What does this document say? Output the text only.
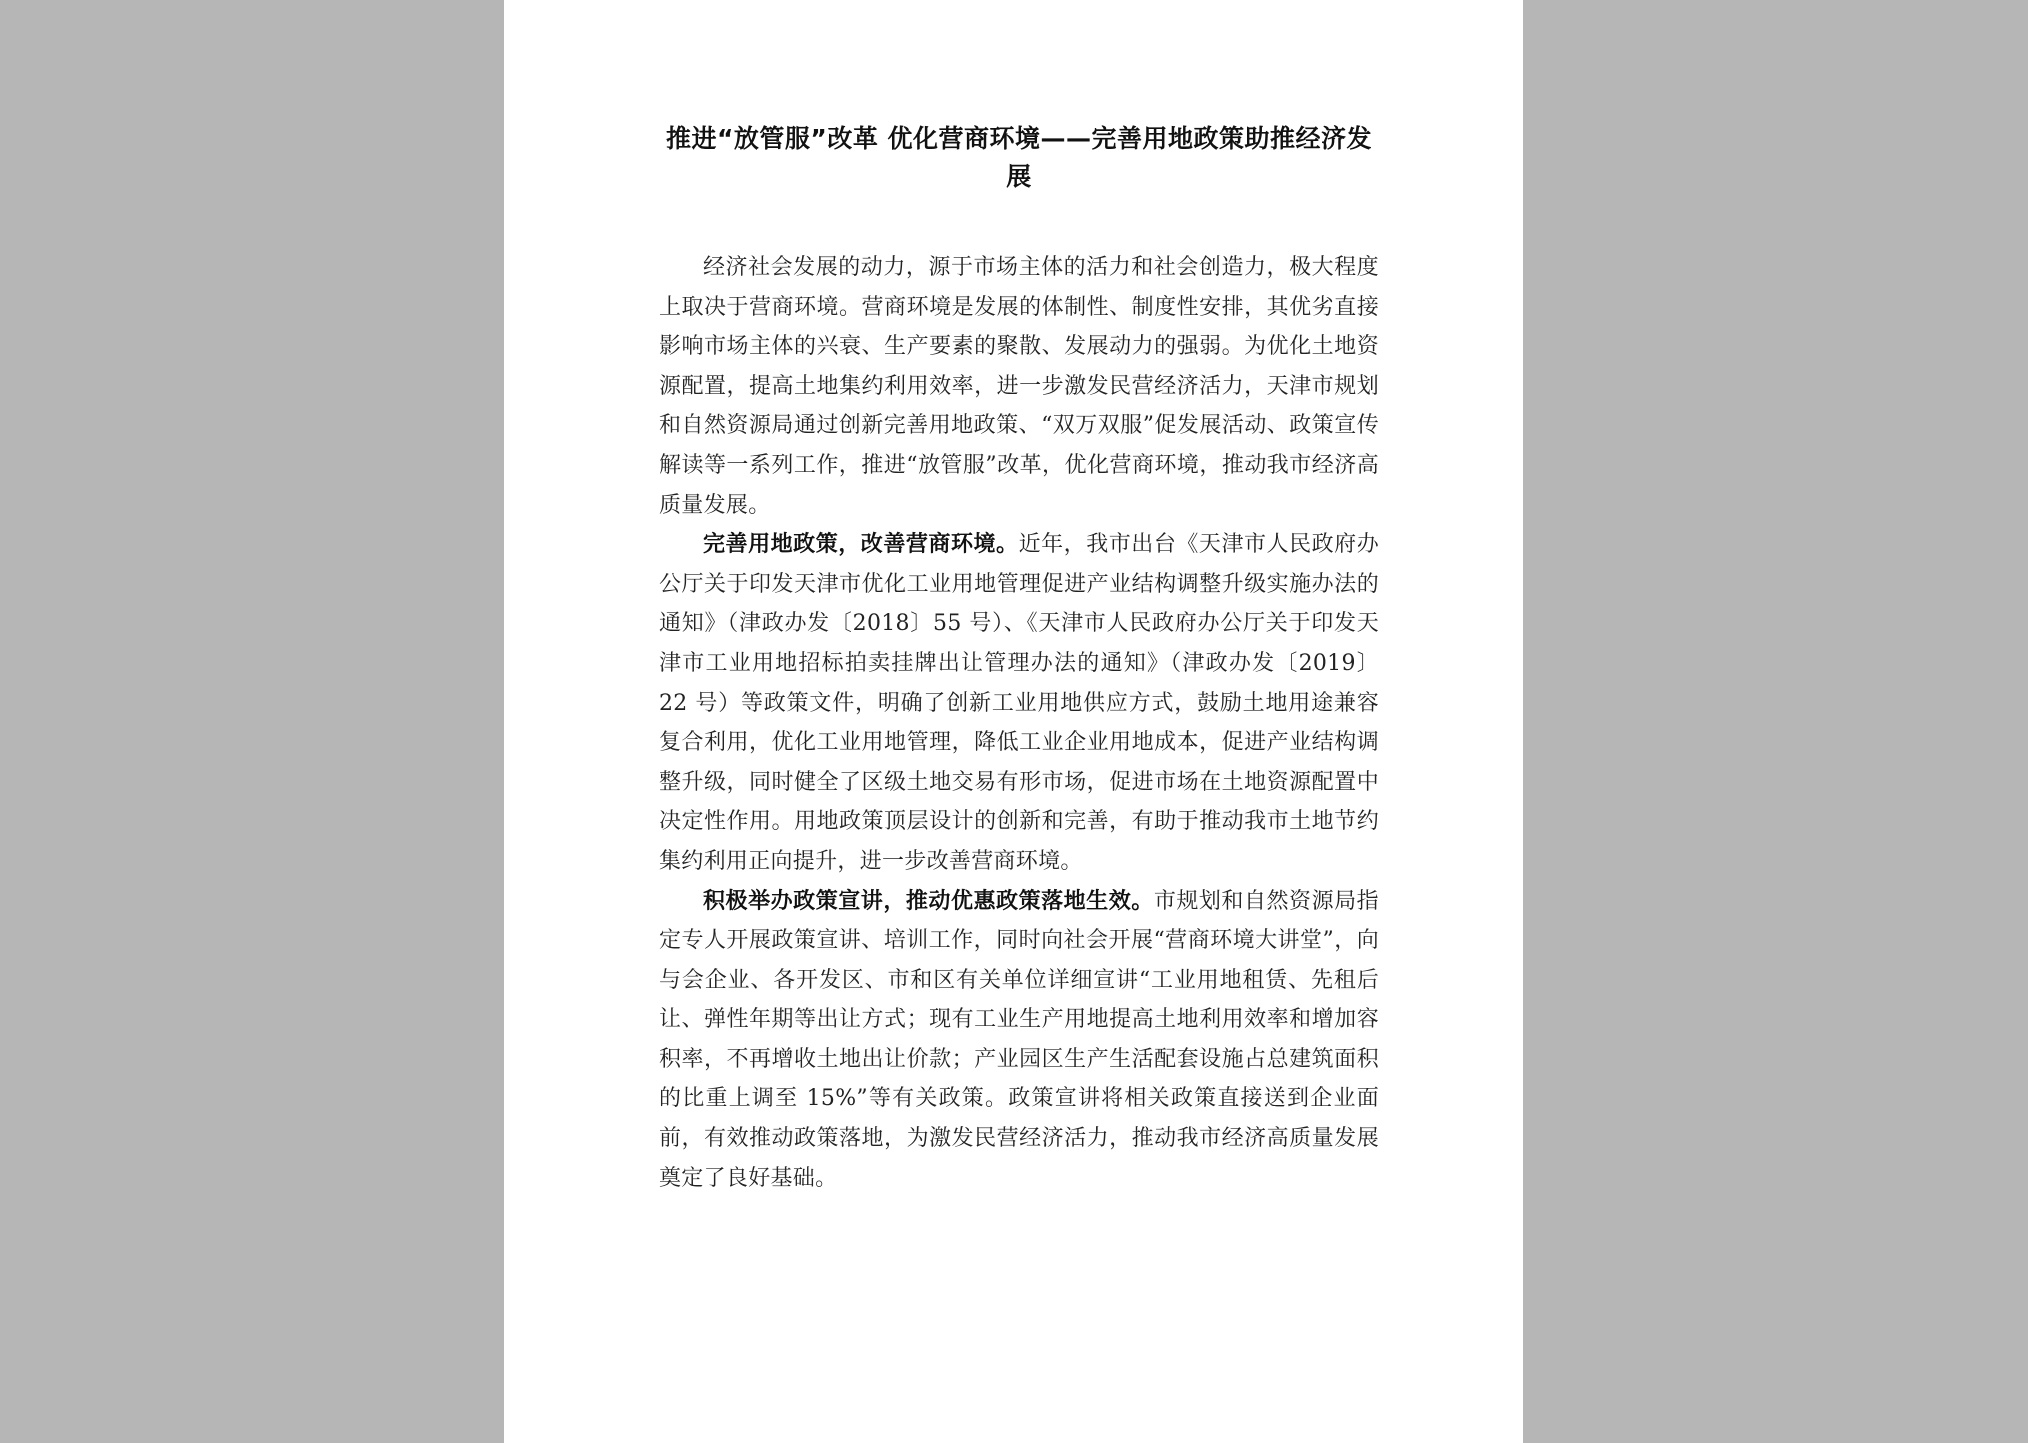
推进“放管服”改革 优化营商环境——完善用地政策助推经济发展

经济社会发展的动力，源于市场主体的活力和社会创造力，极大程度上取决于营商环境。营商环境是发展的体制性、制度性安排，其优劣直接影响市场主体的兴衰、生产要素的聚散、发展动力的强弱。为优化土地资源配置，提高土地集约利用效率，进一步激发民营经济活力，天津市规划和自然资源局通过创新完善用地政策、“双万双服”促发展活动、政策宣传解读等一系列工作，推进“放管服”改革，优化营商环境，推动我市经济高质量发展。

完善用地政策，改善营商环境。近年，我市出台《天津市人民政府办公厅关于印发天津市优化工业用地管理促进产业结构调整升级实施办法的通知》（津政办发〔2018〕55 号）、《天津市人民政府办公厅关于印发天津市工业用地招标拍卖挂牌出让管理办法的通知》（津政办发〔2019〕22 号）等政策文件，明确了创新工业用地供应方式，鼓励土地用途兼容复合利用，优化工业用地管理，降低工业企业用地成本，促进产业结构调整升级，同时健全了区级土地交易有形市场，促进市场在土地资源配置中决定性作用。用地政策顶层设计的创新和完善，有助于推动我市土地节约集约利用正向提升，进一步改善营商环境。

积极举办政策宣讲，推动优惠政策落地生效。市规划和自然资源局指定专人开展政策宣讲、培训工作，同时向社会开展“营商环境大讲堂”，向与会企业、各开发区、市和区有关单位详细宣讲“工业用地租赁、先租后让、弹性年期等出让方式；现有工业生产用地提高土地利用效率和增加容积率，不再增收土地出让价款；产业园区生产生活配套设施占总建筑面积的比重上调至 15%”等有关政策。政策宣讲将相关政策直接送到企业面前，有效推动政策落地，为激发民营经济活力，推动我市经济高质量发展奠定了良好基础。
